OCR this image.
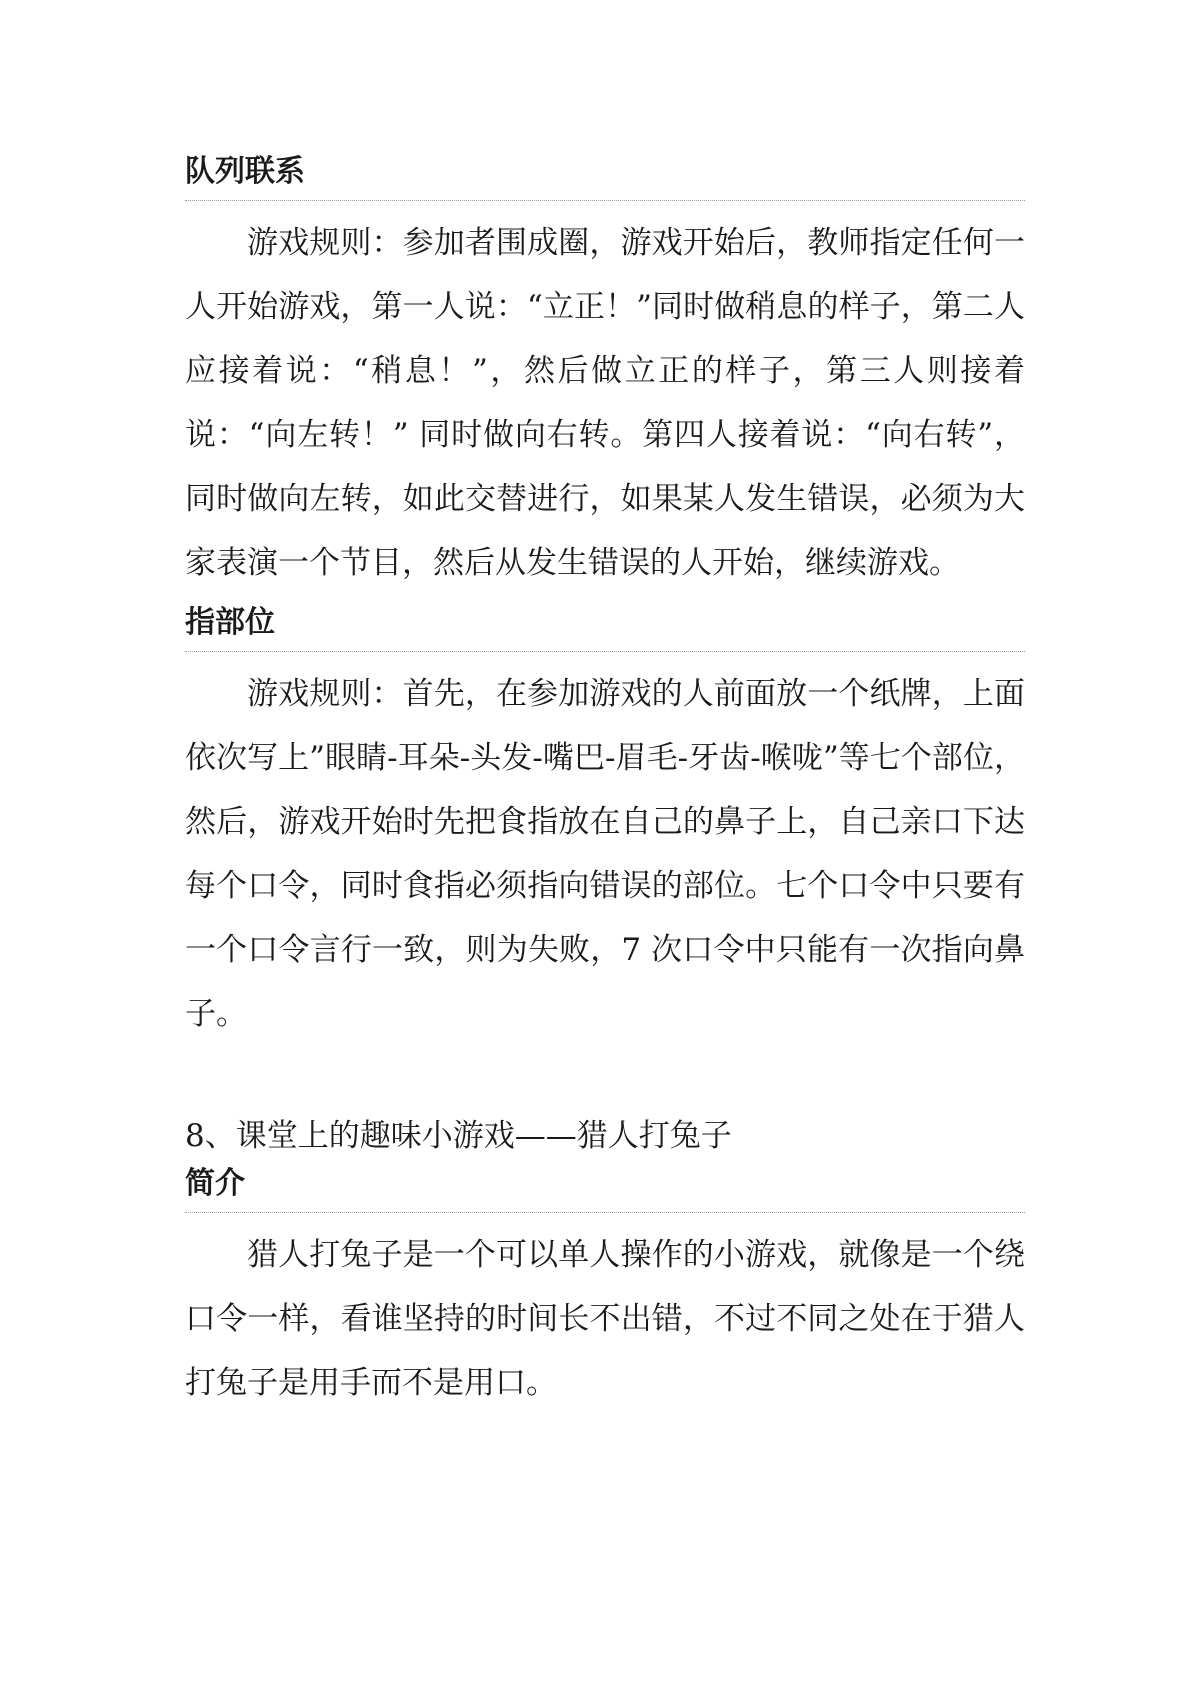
队列联系

游戏规则：参加者围成圈，游戏开始后，教师指定任何一人开始游戏，第一人说：“立正！”同时做稍息的样子，第二人应接着说：“稍息！”，然后做立正的样子，第三人则接着说：“向左转！” 同时做向右转。第四人接着说：“向右转”，同时做向左转，如此交替进行，如果某人发生错误，必须为大家表演一个节目，然后从发生错误的人开始，继续游戏。

指部位

游戏规则：首先，在参加游戏的人前面放一个纸牌，上面依次写上”眼睛-耳朵-头发-嘴巴-眉毛-牙齿-喉咙”等七个部位，然后，游戏开始时先把食指放在自己的鼻子上，自己亲口下达每个口令，同时食指必须指向错误的部位。七个口令中只要有一个口令言行一致，则为失败，7 次口令中只能有一次指向鼻子。

8、课堂上的趣味小游戏——猎人打兔子
简介

猎人打兔子是一个可以单人操作的小游戏，就像是一个绕口令一样，看谁坚持的时间长不出错，不过不同之处在于猎人打兔子是用手而不是用口。
